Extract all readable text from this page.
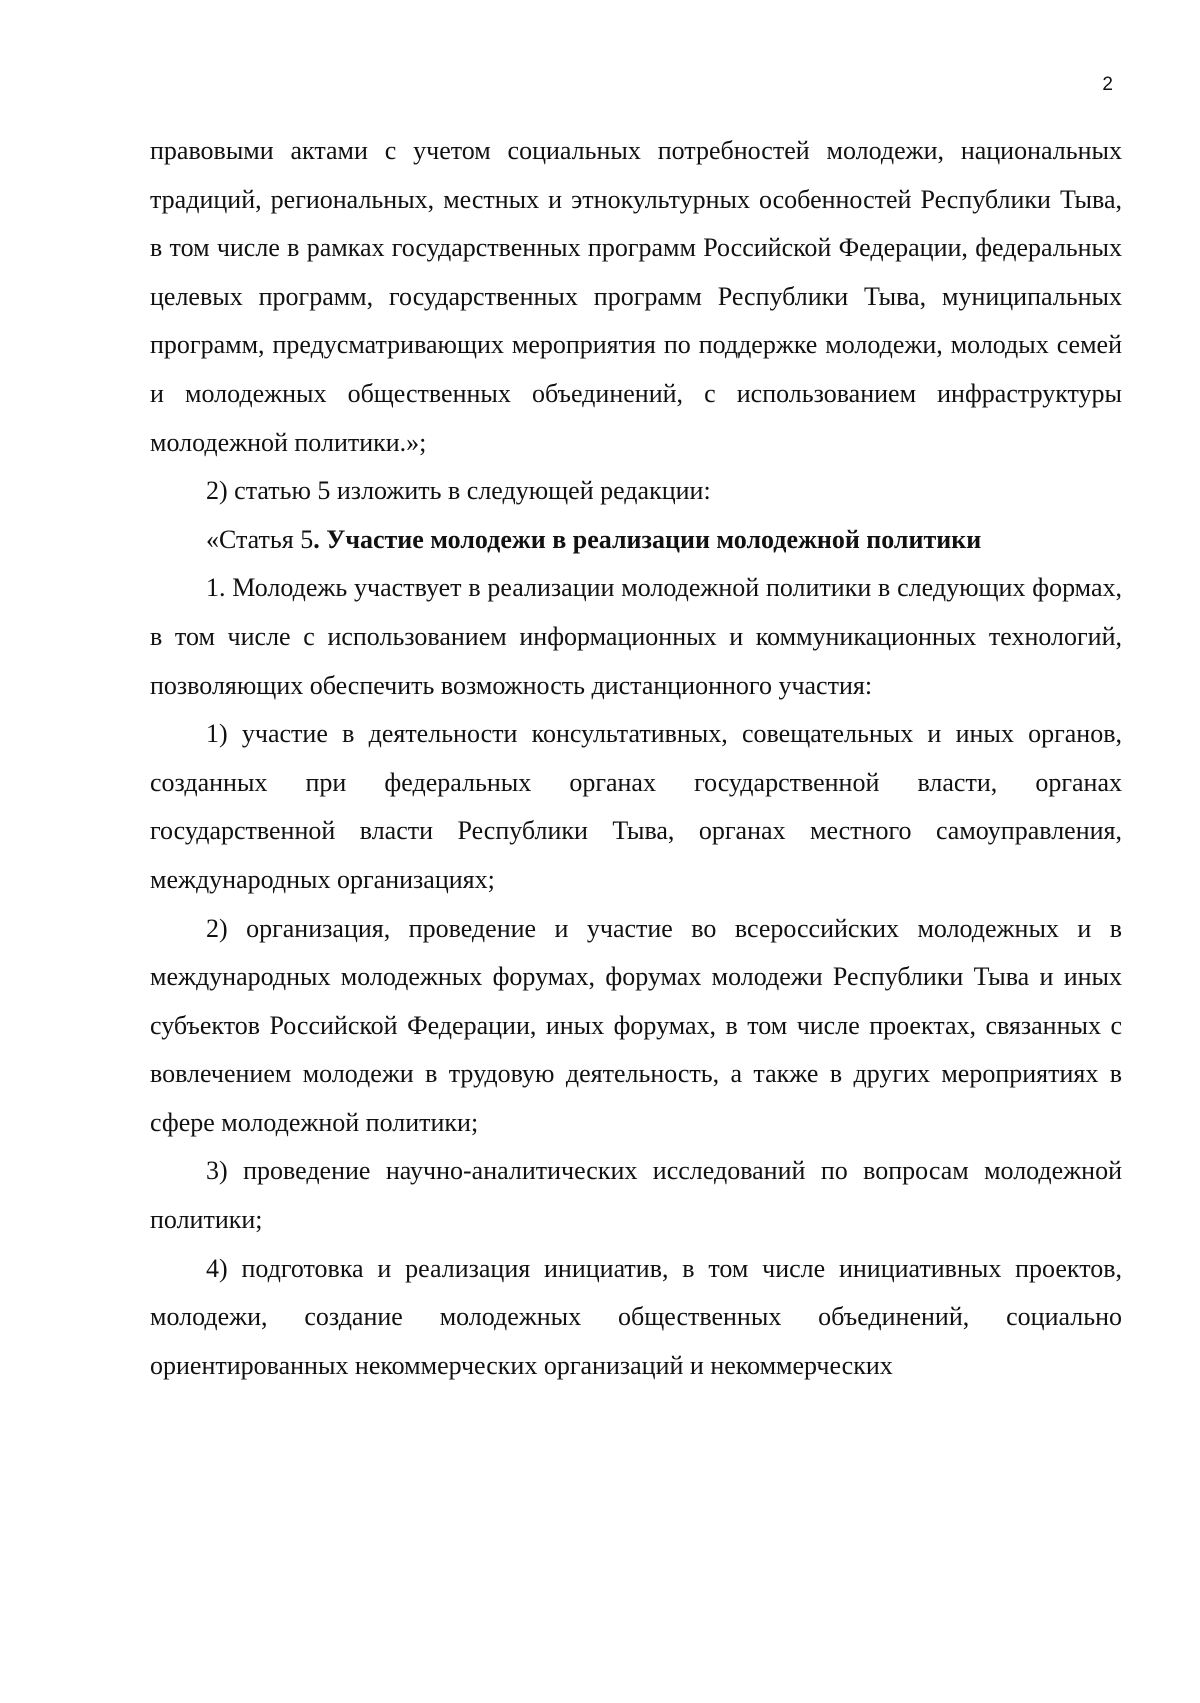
2

правовыми актами с учетом социальных потребностей молодежи, национальных традиций, региональных, местных и этнокультурных особенностей Республики Тыва, в том числе в рамках государственных программ Российской Федерации, федеральных целевых программ, государственных программ Республики Тыва, муниципальных программ, предусматривающих мероприятия по поддержке молодежи, молодых семей и молодежных общественных объединений, с использованием инфраструктуры молодежной политики.»;

2) статью 5 изложить в следующей редакции:

«Статья 5. Участие молодежи в реализации молодежной политики

1. Молодежь участвует в реализации молодежной политики в следующих формах, в том числе с использованием информационных и коммуникационных технологий, позволяющих обеспечить возможность дистанционного участия:

1) участие в деятельности консультативных, совещательных и иных органов, созданных при федеральных органах государственной власти, органах государственной власти Республики Тыва, органах местного самоуправления, международных организациях;

2) организация, проведение и участие во всероссийских молодежных и в международных молодежных форумах, форумах молодежи Республики Тыва и иных субъектов Российской Федерации, иных форумах, в том числе проектах, связанных с вовлечением молодежи в трудовую деятельность, а также в других мероприятиях в сфере молодежной политики;

3) проведение научно-аналитических исследований по вопросам молодежной политики;

4) подготовка и реализация инициатив, в том числе инициативных проектов, молодежи, создание молодежных общественных объединений, социально ориентированных некоммерческих организаций и некоммерческих
